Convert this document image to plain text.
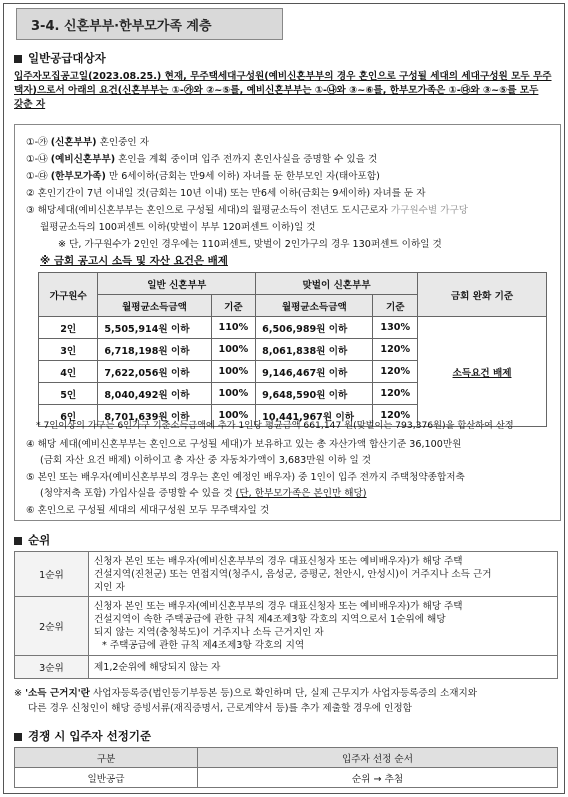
3-4. 신혼부부·한부모가족 계층
일반공급대상자
입주자모집공고일(2023.08.25.) 현재, 무주택세대구성원(예비신혼부부의 경우 혼인으로 구성될 세대의 세대구성원 모두 무주
택자)으로서 아래의 요건(신혼부부는 ①-㉮와 ②~⑤를, 예비신혼부부는 ①-㉯와 ③~⑥를, 한부모가족은 ①-㉰와 ③~⑤를 모두
갖춘 자
①-㉮ (신혼부부) 혼인중인 자
①-㉯ (예비신혼부부) 혼인을 계획 중이며 입주 전까지 혼인사실을 증명할 수 있을 것
①-㉰ (한부모가족) 만 6세이하(금회는 만9세 이하) 자녀를 둔 한부모인 자(태아포함)
② 혼인기간이 7년 이내일 것(금회는 10년 이내) 또는 만6세 이하(금회는 9세이하) 자녀를 둔 자
③ 해당세대(예비신혼부부는 혼인으로 구성될 세대)의 월평균소득이 전년도 도시근로자 가구원수별 가구당
월평균소득의 100퍼센트 이하(맞벌이 부부 120퍼센트 이하)일 것
※ 단, 가구원수가 2인인 경우에는 110퍼센트, 맞벌이 2인가구의 경우 130퍼센트 이하일 것
※ 금회 공고시 소득 및 자산 요건은 배제
가구원수	일반 신혼부부		맞벌이 신혼부부		금회 완화 기준
	월평균소득금액	기준	월평균소득금액	기준	
2인	5,505,914원 이하	110%	6,506,989원 이하	130%	소득요건 배제
3인	6,718,198원 이하	100%	8,061,838원 이하	120%	
4인	7,622,056원 이하	100%	9,146,467원 이하	120%	
5인	8,040,492원 이하	100%	9,648,590원 이하	120%	
6인	8,701,639원 이하	100%	10,441,967원 이하	120%	
* 7인이상의 가구는 6인가구 기준소득금액에 추가 1인당 평균금액 661,147 원(맞벌이는 793,376원)을 합산하여 산정
④ 해당 세대(예비신혼부부는 혼인으로 구성될 세대)가 보유하고 있는 총 자산가액 합산기준 36,100만원
(금회 자산 요건 배제) 이하이고 총 자산 중 자동차가액이 3,683만원 이하 일 것
⑤ 본인 또는 배우자(예비신혼부부의 경우는 혼인 예정인 배우자) 중 1인이 입주 전까지 주택청약종합저축
(청약저축 포함) 가입사실을 증명할 수 있을 것 (단, 한부모가족은 본인만 해당)
⑥ 혼인으로 구성될 세대의 세대구성원 모두 무주택자일 것
순위
1순위	신청자 본인 또는 배우자(예비신혼부부의 경우 대표신청자 또는 예비배우자)가 해당 주택
건설지역(진천군) 또는 연접지역(청주시, 음성군, 증평군, 천안시, 안성시)이 거주지나 소득 근거
지인 자

2순위	신청자 본인 또는 배우자(예비신혼부부의 경우 대표신청자 또는 예비배우자)가 해당 주택
건설지역이 속한 주택공급에 관한 규칙 제4조제3항 각호의 지역으로서 1순위에 해당
되지 않는 지역(충청북도)이 거주지나 소득 근거지인 자
* 주택공급에 관한 규칙 제4조제3항 각호의 지역

3순위	제1,2순위에 해당되지 않는 자
※ '소득 근거지'란 사업자등록증(법인등기부등본 등)으로 확인하며 단, 실제 근무지가 사업자등록증의 소재지와
다른 경우 신청인이 해당 증빙서류(재직증명서, 근로계약서 등)를 추가 제출할 경우에 인정함
경쟁 시 입주자 선정기준
구분	입주자 선정 순서
일반공급	순위 → 추첨
